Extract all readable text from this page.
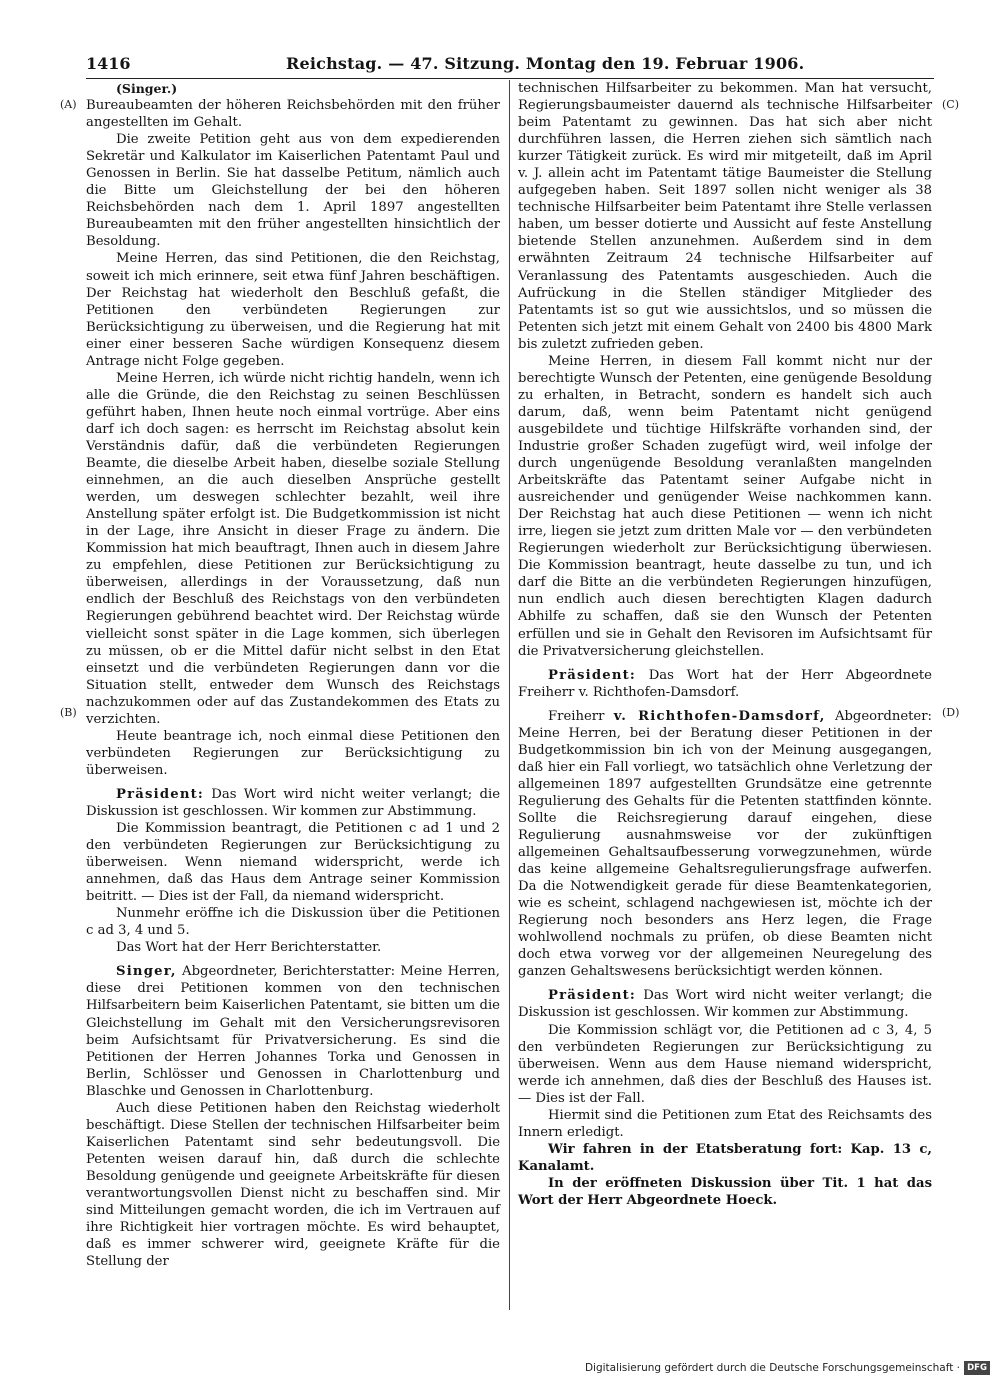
1416	Reichstag. — 47. Sitzung. Montag den 19. Februar 1906.
(A)
(B)
(C)
(D)

(Singer.)

Bureaubeamten der höheren Reichsbehörden mit den früher angestellten im Gehalt.

Die zweite Petition geht aus von dem expedierenden Sekretär und Kalkulator im Kaiserlichen Patentamt Paul und Genossen in Berlin. Sie hat dasselbe Petitum, nämlich auch die Bitte um Gleichstellung der bei den höheren Reichsbehörden nach dem 1. April 1897 angestellten Bureaubeamten mit den früher angestellten hinsichtlich der Besoldung.

Meine Herren, das sind Petitionen, die den Reichstag, soweit ich mich erinnere, seit etwa fünf Jahren beschäftigen. Der Reichstag hat wiederholt den Beschluß gefaßt, die Petitionen den verbündeten Regierungen zur Berücksichtigung zu überweisen, und die Regierung hat mit einer einer besseren Sache würdigen Konsequenz diesem Antrage nicht Folge gegeben.

Meine Herren, ich würde nicht richtig handeln, wenn ich alle die Gründe, die den Reichstag zu seinen Beschlüssen geführt haben, Ihnen heute noch einmal vortrüge. Aber eins darf ich doch sagen: es herrscht im Reichstag absolut kein Verständnis dafür, daß die verbündeten Regierungen Beamte, die dieselbe Arbeit haben, dieselbe soziale Stellung einnehmen, an die auch dieselben Ansprüche gestellt werden, um deswegen schlechter bezahlt, weil ihre Anstellung später erfolgt ist. Die Budgetkommission ist nicht in der Lage, ihre Ansicht in dieser Frage zu ändern. Die Kommission hat mich beauftragt, Ihnen auch in diesem Jahre zu empfehlen, diese Petitionen zur Berücksichtigung zu überweisen, allerdings in der Voraussetzung, daß nun endlich der Beschluß des Reichstags von den verbündeten Regierungen gebührend beachtet wird. Der Reichstag würde vielleicht sonst später in die Lage kommen, sich überlegen zu müssen, ob er die Mittel dafür nicht selbst in den Etat einsetzt und die verbündeten Regierungen dann vor die Situation stellt, entweder dem Wunsch des Reichstags nachzukommen oder auf das Zustandekommen des Etats zu verzichten.

Heute beantrage ich, noch einmal diese Petitionen den verbündeten Regierungen zur Berücksichtigung zu überweisen.

Präsident: Das Wort wird nicht weiter verlangt; die Diskussion ist geschlossen. Wir kommen zur Abstimmung.

Die Kommission beantragt, die Petitionen c ad 1 und 2 den verbündeten Regierungen zur Berücksichtigung zu überweisen. Wenn niemand widerspricht, werde ich annehmen, daß das Haus dem Antrage seiner Kommission beitritt. — Dies ist der Fall, da niemand widerspricht.

Nunmehr eröffne ich die Diskussion über die Petitionen c ad 3, 4 und 5.

Das Wort hat der Herr Berichterstatter.

Singer, Abgeordneter, Berichterstatter: Meine Herren, diese drei Petitionen kommen von den technischen Hilfsarbeitern beim Kaiserlichen Patentamt, sie bitten um die Gleichstellung im Gehalt mit den Versicherungsrevisoren beim Aufsichtsamt für Privatversicherung. Es sind die Petitionen der Herren Johannes Torka und Genossen in Berlin, Schlösser und Genossen in Charlottenburg und Blaschke und Genossen in Charlottenburg.

Auch diese Petitionen haben den Reichstag wiederholt beschäftigt. Diese Stellen der technischen Hilfsarbeiter beim Kaiserlichen Patentamt sind sehr bedeutungsvoll. Die Petenten weisen darauf hin, daß durch die schlechte Besoldung genügende und geeignete Arbeitskräfte für diesen verantwortungsvollen Dienst nicht zu beschaffen sind. Mir sind Mitteilungen gemacht worden, die ich im Vertrauen auf ihre Richtigkeit hier vortragen möchte. Es wird behauptet, daß es immer schwerer wird, geeignete Kräfte für die Stellung der

technischen Hilfsarbeiter zu bekommen. Man hat versucht, Regierungsbaumeister dauernd als technische Hilfsarbeiter beim Patentamt zu gewinnen. Das hat sich aber nicht durchführen lassen, die Herren ziehen sich sämtlich nach kurzer Tätigkeit zurück. Es wird mir mitgeteilt, daß im April v. J. allein acht im Patentamt tätige Baumeister die Stellung aufgegeben haben. Seit 1897 sollen nicht weniger als 38 technische Hilfsarbeiter beim Patentamt ihre Stelle verlassen haben, um besser dotierte und Aussicht auf feste Anstellung bietende Stellen anzunehmen. Außerdem sind in dem erwähnten Zeitraum 24 technische Hilfsarbeiter auf Veranlassung des Patentamts ausgeschieden. Auch die Aufrückung in die Stellen ständiger Mitglieder des Patentamts ist so gut wie aussichtslos, und so müssen die Petenten sich jetzt mit einem Gehalt von 2400 bis 4800 Mark bis zuletzt zufrieden geben.

Meine Herren, in diesem Fall kommt nicht nur der berechtigte Wunsch der Petenten, eine genügende Besoldung zu erhalten, in Betracht, sondern es handelt sich auch darum, daß, wenn beim Patentamt nicht genügend ausgebildete und tüchtige Hilfskräfte vorhanden sind, der Industrie großer Schaden zugefügt wird, weil infolge der durch ungenügende Besoldung veranlaßten mangelnden Arbeitskräfte das Patentamt seiner Aufgabe nicht in ausreichender und genügender Weise nachkommen kann. Der Reichstag hat auch diese Petitionen — wenn ich nicht irre, liegen sie jetzt zum dritten Male vor — den verbündeten Regierungen wiederholt zur Berücksichtigung überwiesen. Die Kommission beantragt, heute dasselbe zu tun, und ich darf die Bitte an die verbündeten Regierungen hinzufügen, nun endlich auch diesen berechtigten Klagen dadurch Abhilfe zu schaffen, daß sie den Wunsch der Petenten erfüllen und sie in Gehalt den Revisoren im Aufsichtsamt für die Privatversicherung gleichstellen.

Präsident: Das Wort hat der Herr Abgeordnete Freiherr v. Richthofen-Damsdorf.

Freiherr v. Richthofen-Damsdorf, Abgeordneter: Meine Herren, bei der Beratung dieser Petitionen in der Budgetkommission bin ich von der Meinung ausgegangen, daß hier ein Fall vorliegt, wo tatsächlich ohne Verletzung der allgemeinen 1897 aufgestellten Grundsätze eine getrennte Regulierung des Gehalts für die Petenten stattfinden könnte. Sollte die Reichsregierung darauf eingehen, diese Regulierung ausnahmsweise vor der zukünftigen allgemeinen Gehaltsaufbesserung vorwegzunehmen, würde das keine allgemeine Gehaltsregulierungsfrage aufwerfen. Da die Notwendigkeit gerade für diese Beamtenkategorien, wie es scheint, schlagend nachgewiesen ist, möchte ich der Regierung noch besonders ans Herz legen, die Frage wohlwollend nochmals zu prüfen, ob diese Beamten nicht doch etwa vorweg vor der allgemeinen Neuregelung des ganzen Gehaltswesens berücksichtigt werden können.

Präsident: Das Wort wird nicht weiter verlangt; die Diskussion ist geschlossen. Wir kommen zur Abstimmung.

Die Kommission schlägt vor, die Petitionen ad c 3, 4, 5 den verbündeten Regierungen zur Berücksichtigung zu überweisen. Wenn aus dem Hause niemand widerspricht, werde ich annehmen, daß dies der Beschluß des Hauses ist. — Dies ist der Fall.

Hiermit sind die Petitionen zum Etat des Reichsamts des Innern erledigt.

Wir fahren in der Etatsberatung fort: Kap. 13 c, Kanalamt.

In der eröffneten Diskussion über Tit. 1 hat das Wort der Herr Abgeordnete Hoeck.

Digitalisierung gefördert durch die Deutsche Forschungsgemeinschaft · DFG
